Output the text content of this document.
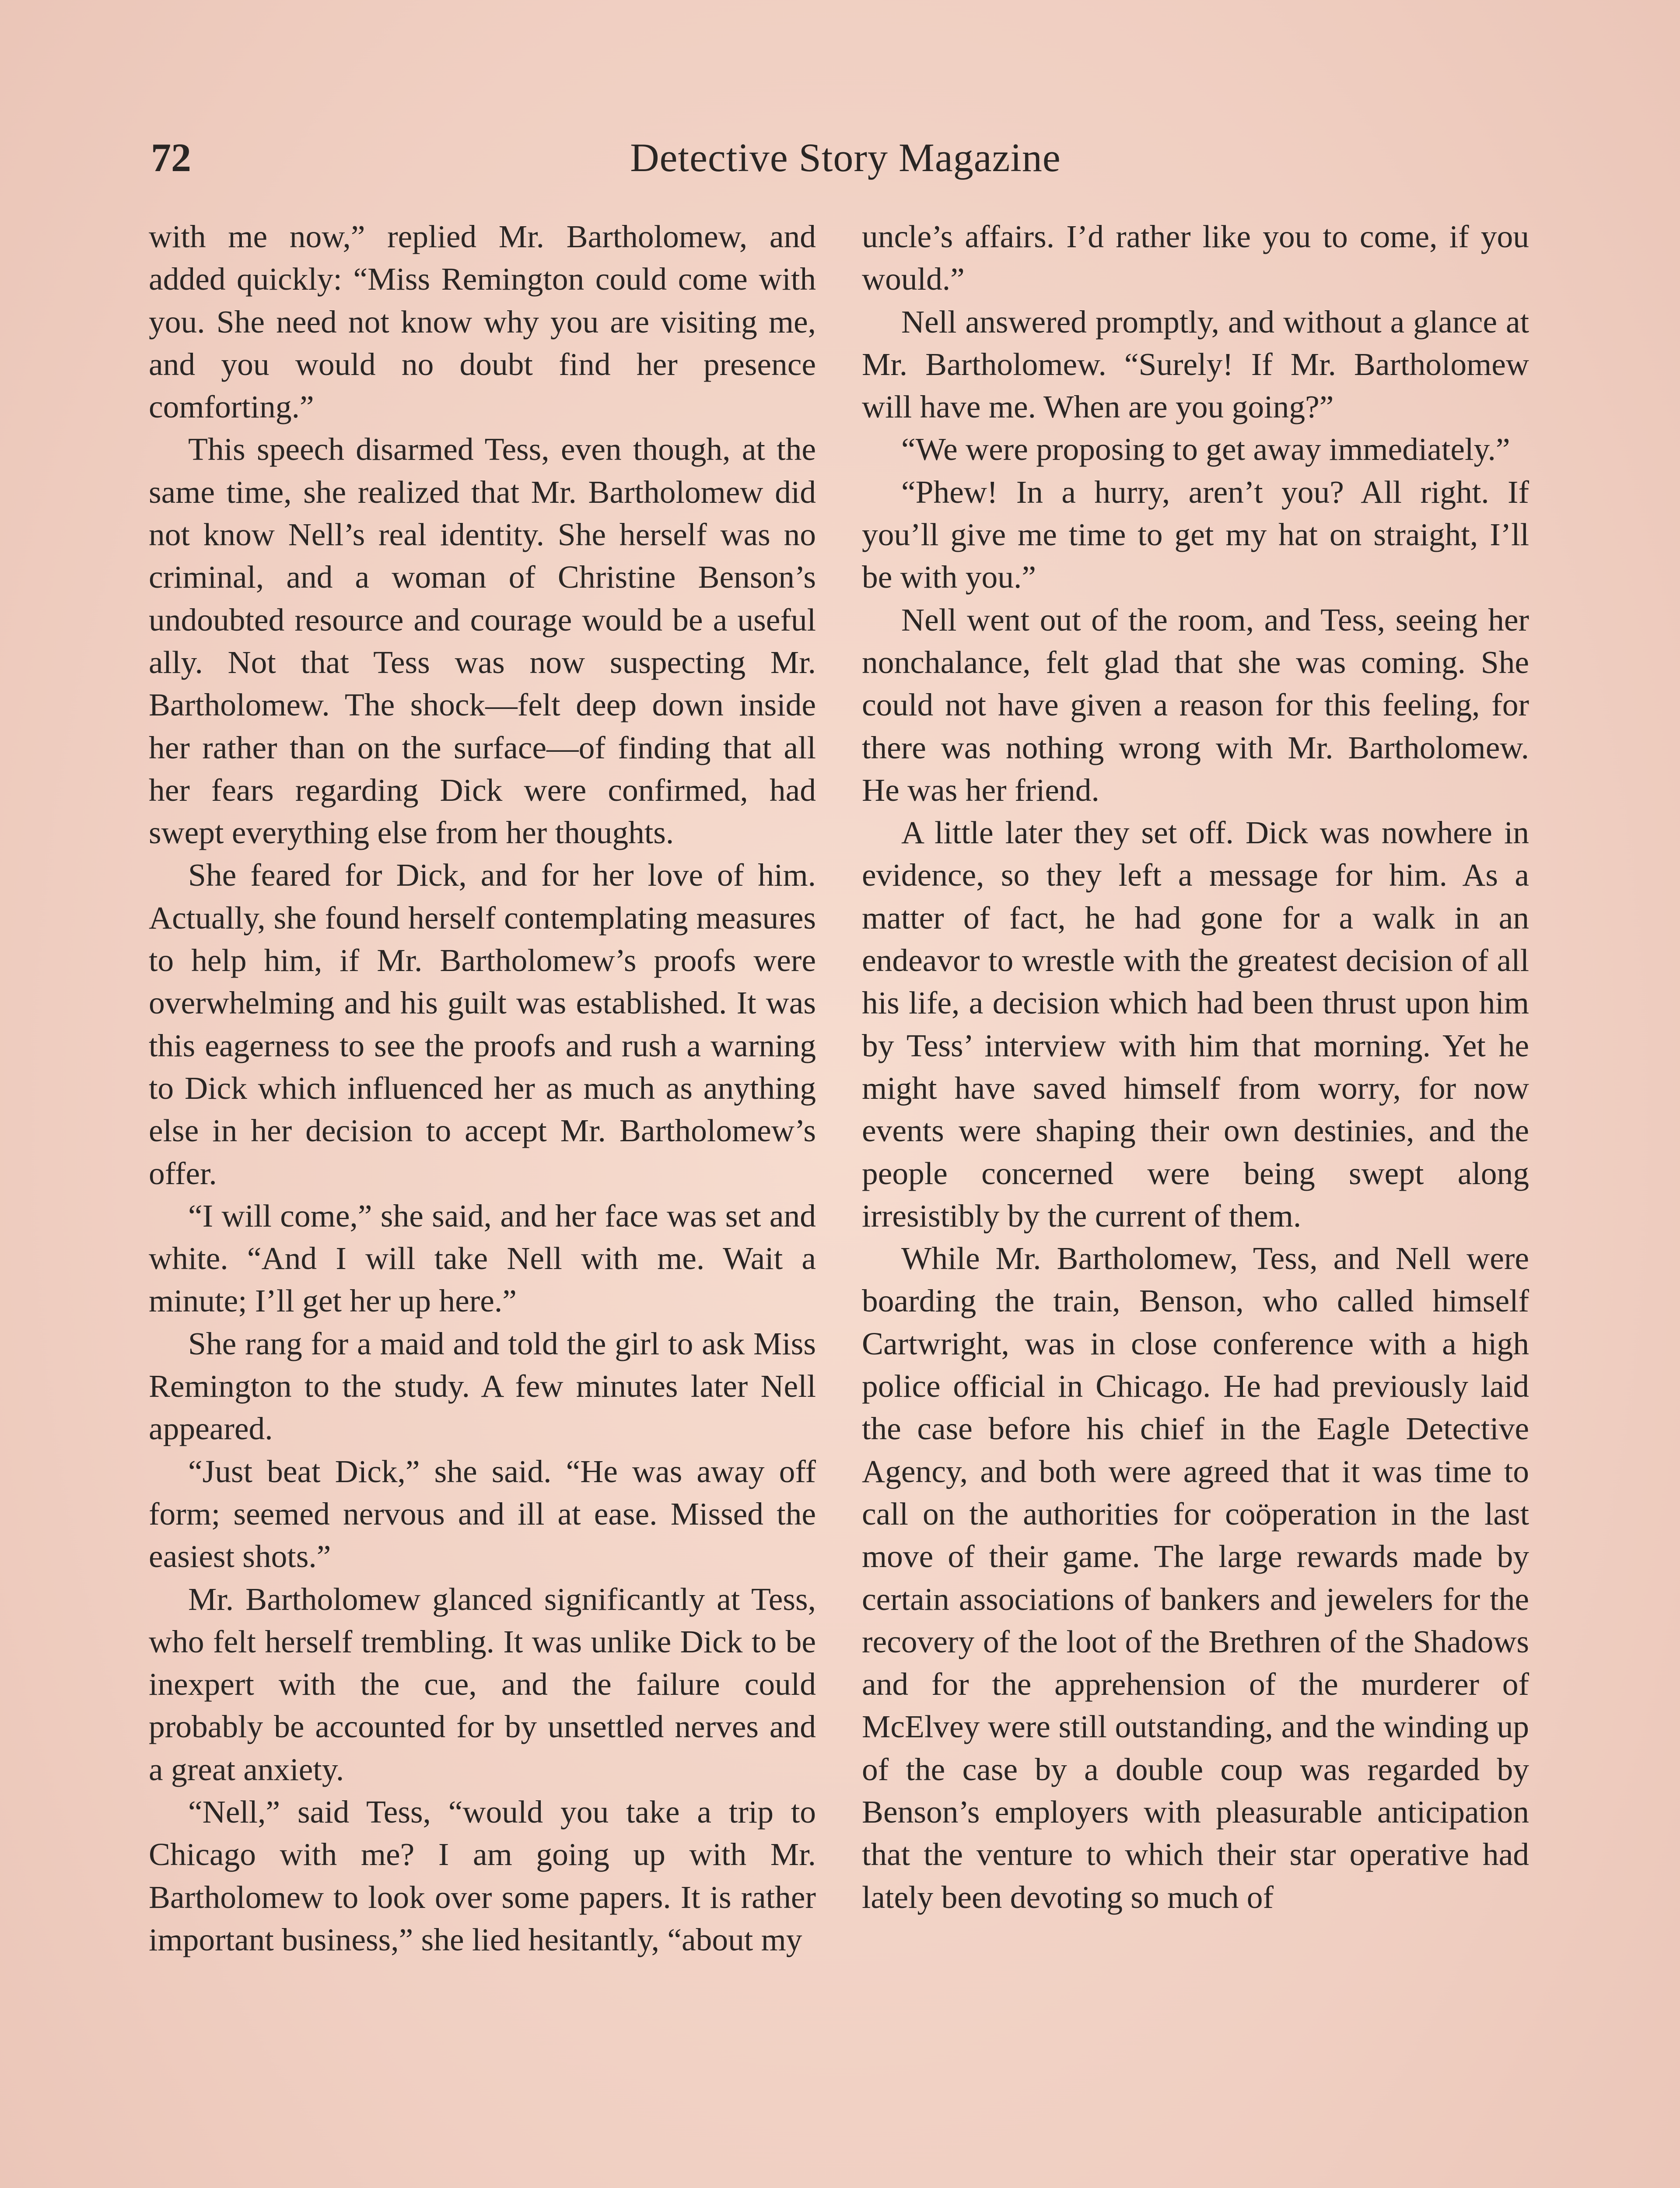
72	Detective Story Magazine

with me now,” replied Mr. Bartholomew, and added quickly: “Miss Remington could come with you. She need not know why you are visiting me, and you would no doubt find her presence comforting.”

This speech disarmed Tess, even though, at the same time, she realized that Mr. Bartholomew did not know Nell’s real identity. She herself was no criminal, and a woman of Christine Benson’s undoubted resource and courage would be a useful ally. Not that Tess was now suspecting Mr. Bartholomew. The shock—felt deep down inside her rather than on the surface—of finding that all her fears regarding Dick were confirmed, had swept everything else from her thoughts.

She feared for Dick, and for her love of him. Actually, she found herself contemplating measures to help him, if Mr. Bartholomew’s proofs were overwhelming and his guilt was established. It was this eagerness to see the proofs and rush a warning to Dick which influenced her as much as anything else in her decision to accept Mr. Bartholomew’s offer.

“I will come,” she said, and her face was set and white. “And I will take Nell with me. Wait a minute; I’ll get her up here.”

She rang for a maid and told the girl to ask Miss Remington to the study. A few minutes later Nell appeared.

“Just beat Dick,” she said. “He was away off form; seemed nervous and ill at ease. Missed the easiest shots.”

Mr. Bartholomew glanced significantly at Tess, who felt herself trembling. It was unlike Dick to be inexpert with the cue, and the failure could probably be accounted for by unsettled nerves and a great anxiety.

“Nell,” said Tess, “would you take a trip to Chicago with me? I am going up with Mr. Bartholomew to look over some papers. It is rather important business,” she lied hesitantly, “about my

uncle’s affairs. I’d rather like you to come, if you would.”

Nell answered promptly, and without a glance at Mr. Bartholomew. “Surely! If Mr. Bartholomew will have me. When are you going?”

“We were proposing to get away immediately.”

“Phew! In a hurry, aren’t you? All right. If you’ll give me time to get my hat on straight, I’ll be with you.”

Nell went out of the room, and Tess, seeing her nonchalance, felt glad that she was coming. She could not have given a reason for this feeling, for there was nothing wrong with Mr. Bartholomew. He was her friend.

A little later they set off. Dick was nowhere in evidence, so they left a message for him. As a matter of fact, he had gone for a walk in an endeavor to wrestle with the greatest decision of all his life, a decision which had been thrust upon him by Tess’ interview with him that morning. Yet he might have saved himself from worry, for now events were shaping their own destinies, and the people concerned were being swept along irresistibly by the current of them.

While Mr. Bartholomew, Tess, and Nell were boarding the train, Benson, who called himself Cartwright, was in close conference with a high police official in Chicago. He had previously laid the case before his chief in the Eagle Detective Agency, and both were agreed that it was time to call on the authorities for coöperation in the last move of their game. The large rewards made by certain associations of bankers and jewelers for the recovery of the loot of the Brethren of the Shadows and for the apprehension of the murderer of McElvey were still outstanding, and the winding up of the case by a double coup was regarded by Benson’s employers with pleasurable anticipation that the venture to which their star operative had lately been devoting so much of
